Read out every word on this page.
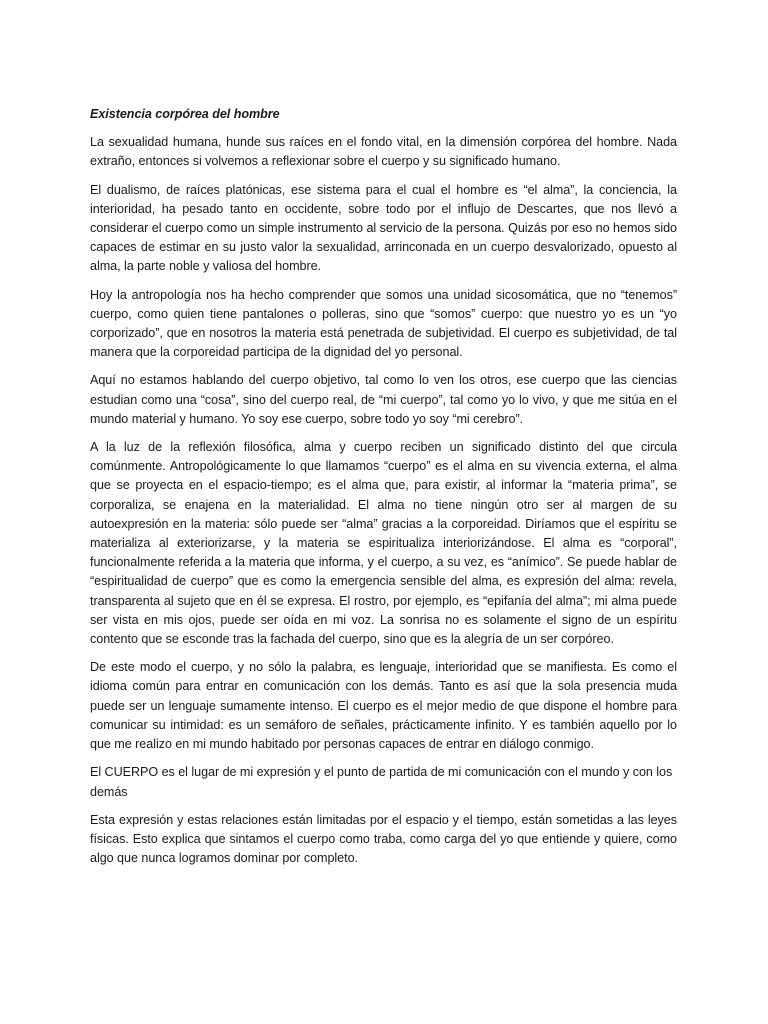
Existencia corpórea del hombre

La sexualidad humana, hunde sus raíces en el fondo vital, en la dimensión corpórea del hombre. Nada extraño, entonces si volvemos a reflexionar sobre el cuerpo y su significado humano.

El dualismo, de raíces platónicas, ese sistema para el cual el hombre es “el alma”, la conciencia, la interioridad, ha pesado tanto en occidente, sobre todo por el influjo de Descartes, que nos llevó a considerar el cuerpo como un simple instrumento al servicio de la persona. Quizás por eso no hemos sido capaces de estimar en su justo valor la sexualidad, arrinconada en un cuerpo desvalorizado, opuesto al alma, la parte noble y valiosa del hombre.

Hoy la antropología nos ha hecho comprender que somos una unidad sicosomática, que no “tenemos” cuerpo, como quien tiene pantalones o polleras, sino que “somos” cuerpo: que nuestro yo es un “yo corporizado”, que en nosotros la materia está penetrada de subjetividad. El cuerpo es subjetividad, de tal manera que la corporeidad participa de la dignidad del yo personal.

Aquí no estamos hablando del cuerpo objetivo, tal como lo ven los otros, ese cuerpo que las ciencias estudian como una “cosa”, sino del cuerpo real, de “mi cuerpo”, tal como yo lo vivo, y que me sitúa en el mundo material y humano. Yo soy ese cuerpo, sobre todo yo soy “mi cerebro”.

A la luz de la reflexión filosófica, alma y cuerpo reciben un significado distinto del que circula comúnmente. Antropológicamente lo que llamamos “cuerpo” es el alma en su vivencia externa, el alma que se proyecta en el espacio-tiempo; es el alma que, para existir, al informar la “materia prima”, se corporaliza, se enajena en la materialidad. El alma no tiene ningún otro ser al margen de su autoexpresión en la materia: sólo puede ser “alma” gracias a la corporeidad. Diríamos que el espíritu se materializa al exteriorizarse, y la materia se espiritualiza interiorizándose. El alma es “corporal”, funcionalmente referida a la materia que informa, y el cuerpo, a su vez, es “anímico”. Se puede hablar de “espiritualidad de cuerpo” que es como la emergencia sensible del alma, es expresión del alma: revela, transparenta al sujeto que en él se expresa. El rostro, por ejemplo, es “epifanía del alma”; mi alma puede ser vista en mis ojos, puede ser oída en mi voz. La sonrisa no es solamente el signo de un espíritu contento que se esconde tras la fachada del cuerpo, sino que es la alegría de un ser corpóreo.

De este modo el cuerpo, y no sólo la palabra, es lenguaje, interioridad que se manifiesta. Es como el idioma común para entrar en comunicación con los demás. Tanto es así que la sola presencia muda puede ser un lenguaje sumamente intenso. El cuerpo es el mejor medio de que dispone el hombre para comunicar su intimidad: es un semáforo de señales, prácticamente infinito. Y es también aquello por lo que me realizo en mi mundo habitado por personas capaces de entrar en diálogo conmigo.

El CUERPO es el lugar de mi expresión y el punto de partida de mi comunicación con el mundo y con los demás

Esta expresión y estas relaciones están limitadas por el espacio y el tiempo, están sometidas a las leyes físicas. Esto explica que sintamos el cuerpo como traba, como carga del yo que entiende y quiere, como algo que nunca logramos dominar por completo.
